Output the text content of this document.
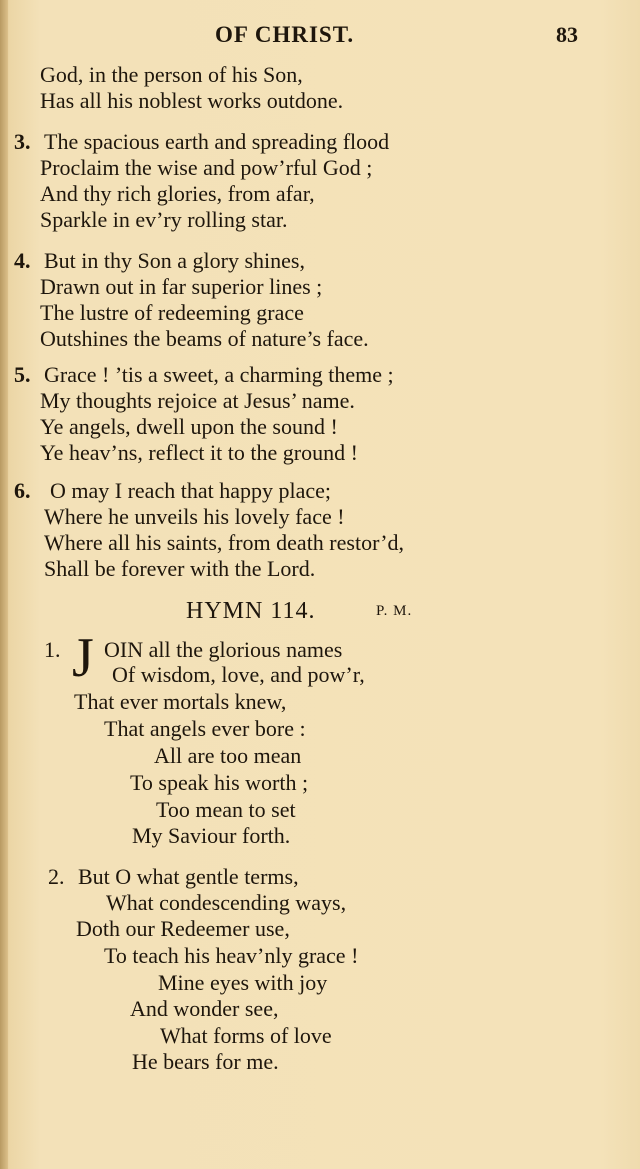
OF CHRIST.	83
God, in the person of his Son,
Has all his noblest works outdone.
3. The spacious earth and spreading flood
Proclaim the wise and pow’rful God ;
And thy rich glories, from afar,
Sparkle in ev’ry rolling star.
4. But in thy Son a glory shines,
Drawn out in far superior lines ;
The lustre of redeeming grace
Outshines the beams of nature’s face.
5. Grace ! ’tis a sweet, a charming theme ;
My thoughts rejoice at Jesus’ name.
Ye angels, dwell upon the sound !
Ye heav’ns, reflect it to the ground !
6. O may I reach that happy place;
Where he unveils his lovely face !
Where all his saints, from death restor’d,
Shall be forever with the Lord.
HYMN 114.	P. M.
1. J OIN all the glorious names
Of wisdom, love, and pow’r,
That ever mortals knew,
That angels ever bore :
All are too mean
To speak his worth ;
Too mean to set
My Saviour forth.
2. But O what gentle terms,
What condescending ways,
Doth our Redeemer use,
To teach his heav’nly grace !
Mine eyes with joy
And wonder see,
What forms of love
He bears for me.
